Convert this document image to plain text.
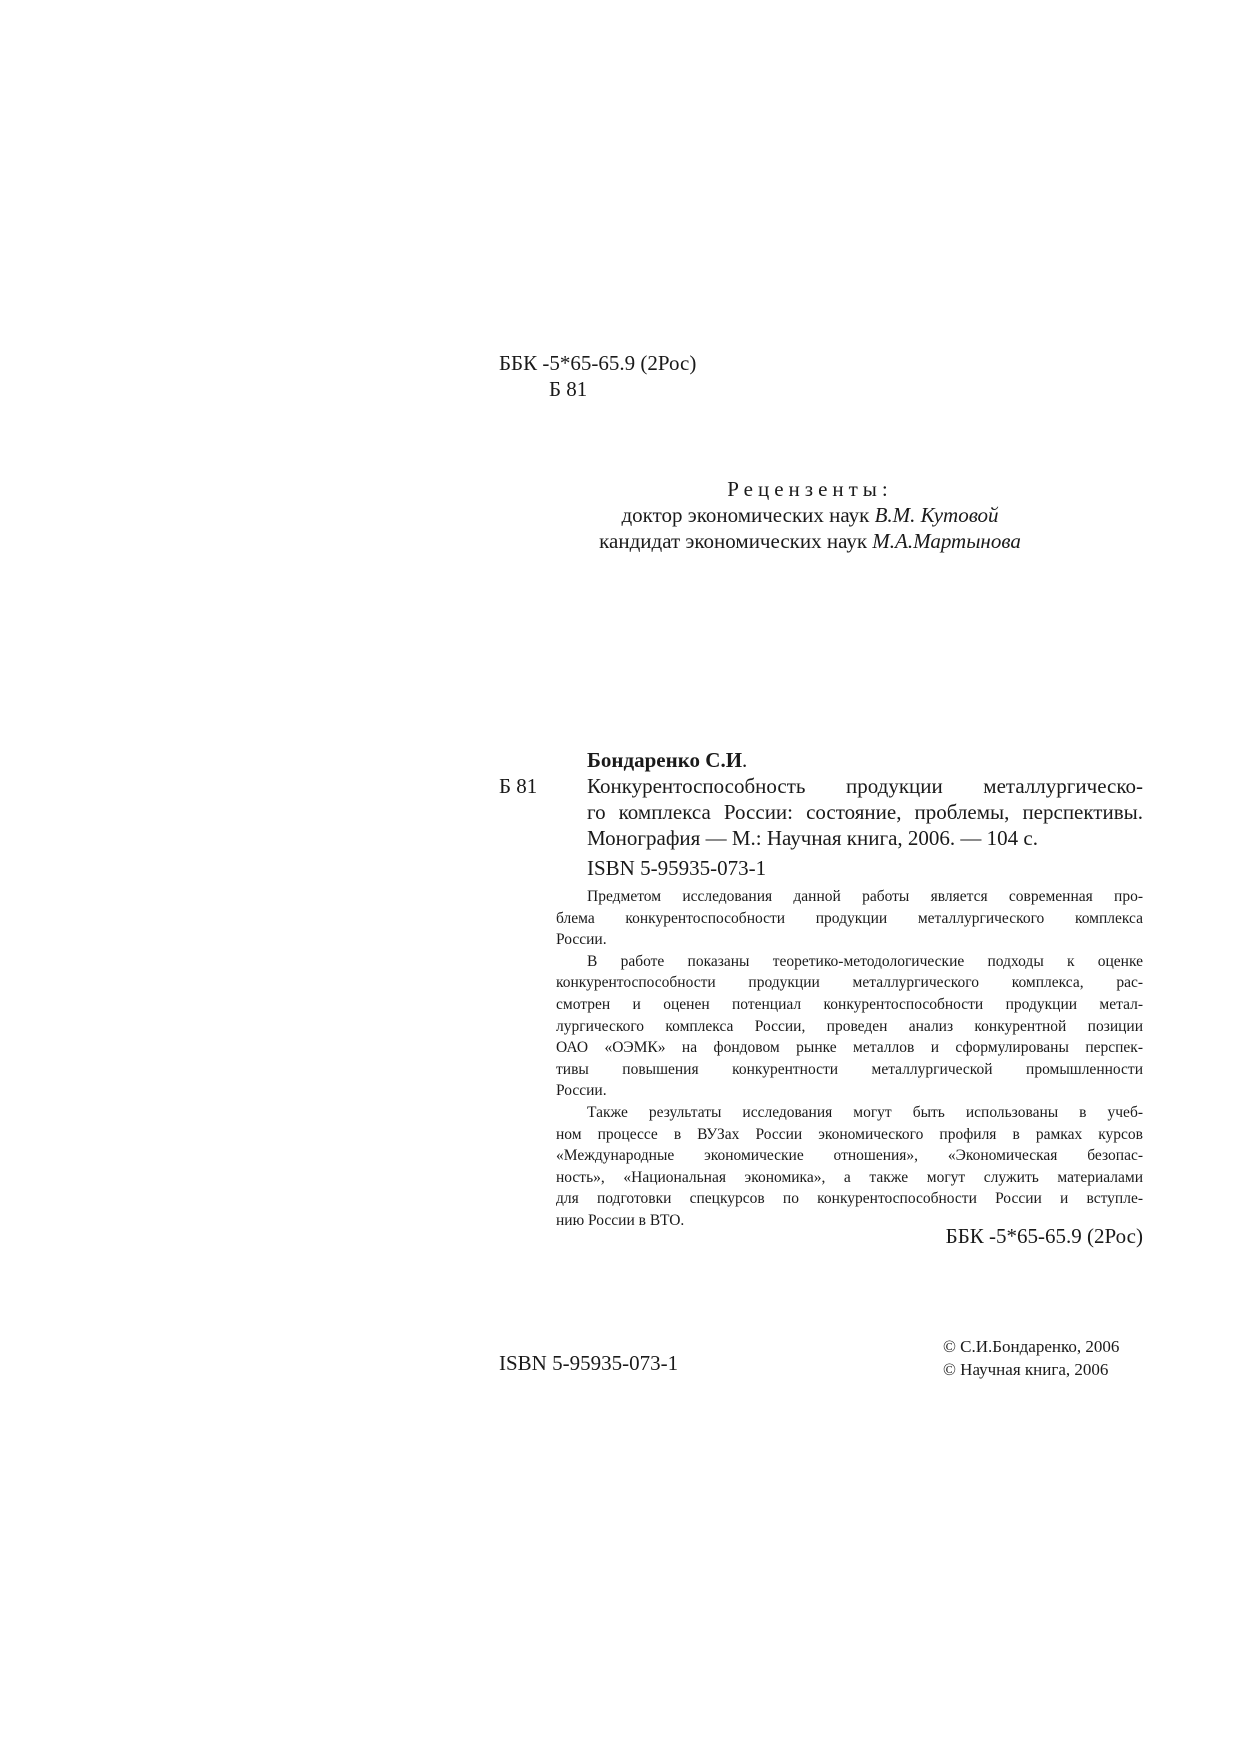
ББК -5*65-65.9 (2Рос)
Б 81
Рецензенты:
доктор экономических наук В.М. Кутовой
кандидат экономических наук М.А.Мартынова
Бондаренко С.И.
Б 81 Конкурентоспособность продукции металлургическо-
го комплекса России: состояние, проблемы, перспективы.
Монография — М.: Научная книга, 2006. — 104 с.
ISBN 5-95935-073-1

Предметом исследования данной работы является современная про-
блема конкурентоспособности продукции металлургического комплекса
России.

В работе показаны теоретико-методологические подходы к оценке
конкурентоспособности продукции металлургического комплекса, рас-
смотрен и оценен потенциал конкурентоспособности продукции метал-
лургического комплекса России, проведен анализ конкурентной позиции
ОАО «ОЭМК» на фондовом рынке металлов и сформулированы перспек-
тивы повышения конкурентности металлургической промышленности
России.

Также результаты исследования могут быть использованы в учеб-
ном процессе в ВУЗах России экономического профиля в рамках курсов
«Международные экономические отношения», «Экономическая безопас-
ность», «Национальная экономика», а также могут служить материалами
для подготовки спецкурсов по конкурентоспособности России и вступле-
нию России в ВТО.

ББК -5*65-65.9 (2Рос)
ISBN 5-95935-073-1
© С.И.Бондаренко, 2006
© Научная книга, 2006
